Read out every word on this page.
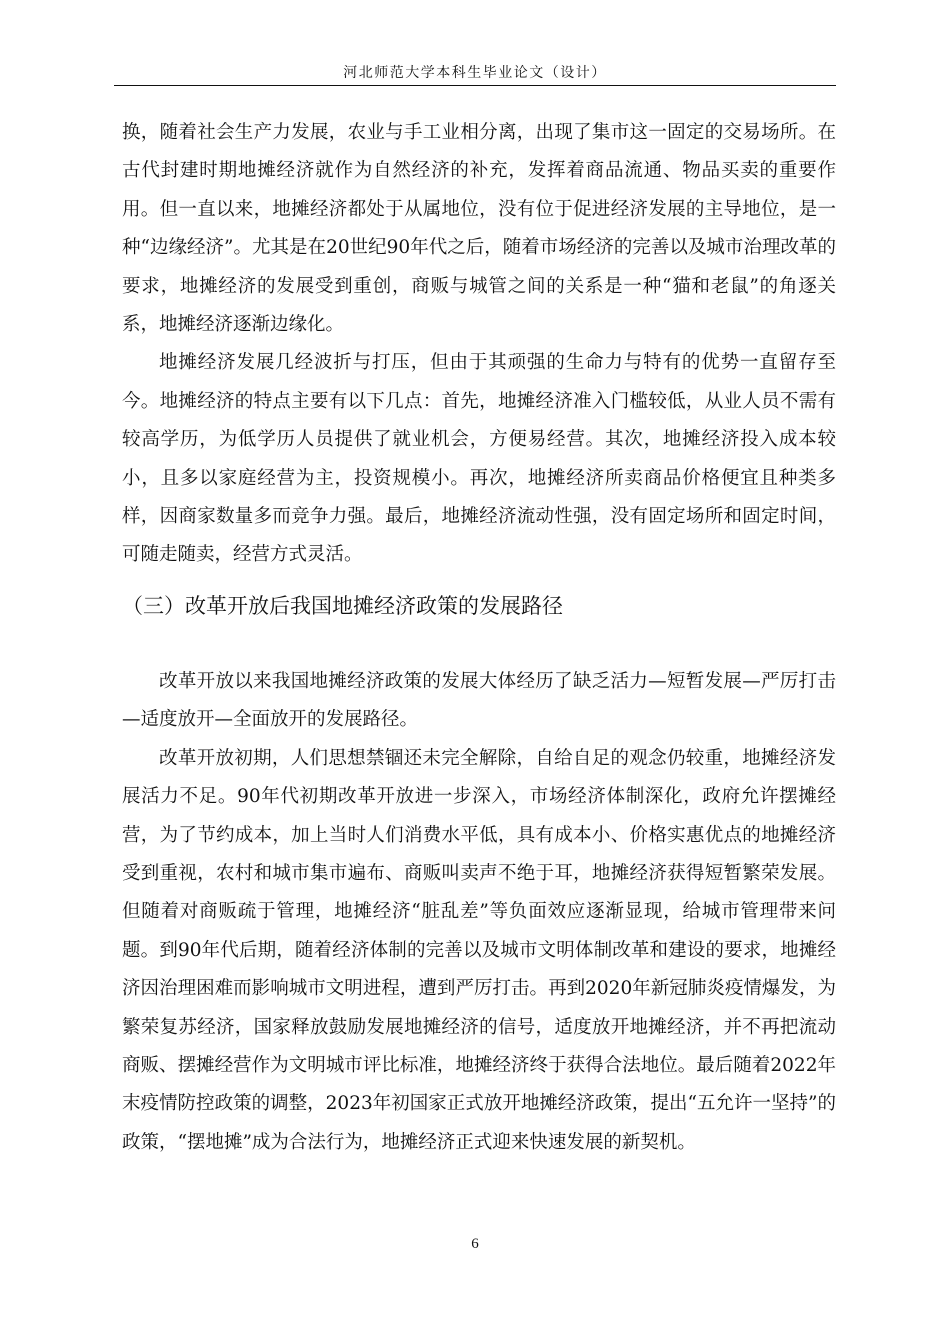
河北师范大学本科生毕业论文（设计）

换，随着社会生产力发展，农业与手工业相分离，出现了集市这一固定的交易场所。在古代封建时期地摊经济就作为自然经济的补充，发挥着商品流通、物品买卖的重要作用。但一直以来，地摊经济都处于从属地位，没有位于促进经济发展的主导地位，是一种“边缘经济”。尤其是在20世纪90年代之后，随着市场经济的完善以及城市治理改革的要求，地摊经济的发展受到重创，商贩与城管之间的关系是一种“猫和老鼠”的角逐关系，地摊经济逐渐边缘化。

地摊经济发展几经波折与打压，但由于其顽强的生命力与特有的优势一直留存至今。地摊经济的特点主要有以下几点：首先，地摊经济准入门槛较低，从业人员不需有较高学历，为低学历人员提供了就业机会，方便易经营。其次，地摊经济投入成本较小，且多以家庭经营为主，投资规模小。再次，地摊经济所卖商品价格便宜且种类多样，因商家数量多而竞争力强。最后，地摊经济流动性强，没有固定场所和固定时间，可随走随卖，经营方式灵活。

（三）改革开放后我国地摊经济政策的发展路径

改革开放以来我国地摊经济政策的发展大体经历了缺乏活力—短暂发展—严厉打击—适度放开—全面放开的发展路径。

改革开放初期，人们思想禁锢还未完全解除，自给自足的观念仍较重，地摊经济发展活力不足。90年代初期改革开放进一步深入，市场经济体制深化，政府允许摆摊经营，为了节约成本，加上当时人们消费水平低，具有成本小、价格实惠优点的地摊经济受到重视，农村和城市集市遍布、商贩叫卖声不绝于耳，地摊经济获得短暂繁荣发展。但随着对商贩疏于管理，地摊经济“脏乱差”等负面效应逐渐显现，给城市管理带来问题。到90年代后期，随着经济体制的完善以及城市文明体制改革和建设的要求，地摊经济因治理困难而影响城市文明进程，遭到严厉打击。再到2020年新冠肺炎疫情爆发，为繁荣复苏经济，国家释放鼓励发展地摊经济的信号，适度放开地摊经济，并不再把流动商贩、摆摊经营作为文明城市评比标准，地摊经济终于获得合法地位。最后随着2022年末疫情防控政策的调整，2023年初国家正式放开地摊经济政策，提出“五允许一坚持”的政策，“摆地摊”成为合法行为，地摊经济正式迎来快速发展的新契机。

6
